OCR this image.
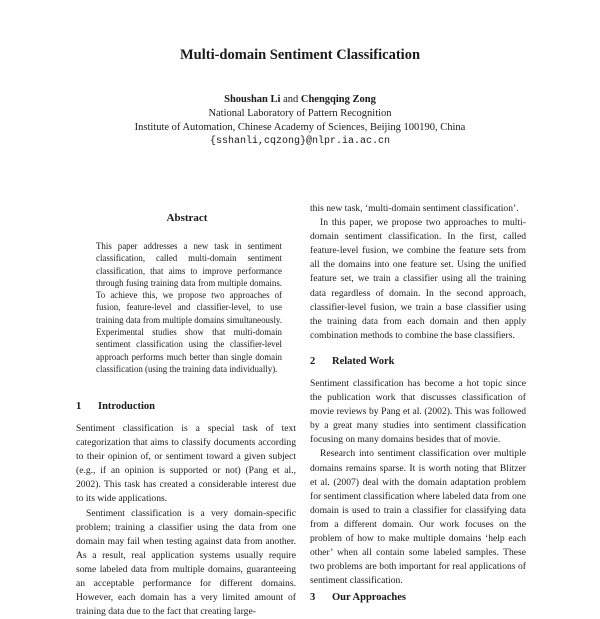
Multi-domain Sentiment Classification
Shoushan Li and Chengqing Zong
National Laboratory of Pattern Recognition
Institute of Automation, Chinese Academy of Sciences, Beijing 100190, China
{sshanli,cqzong}@nlpr.ia.ac.cn
Abstract
This paper addresses a new task in sentiment classification, called multi-domain sentiment classification, that aims to improve performance through fusing training data from multiple domains. To achieve this, we propose two approaches of fusion, feature-level and classifier-level, to use training data from multiple domains simultaneously. Experimental studies show that multi-domain sentiment classification using the classifier-level approach performs much better than single domain classification (using the training data individually).
1 Introduction

Sentiment classification is a special task of text categorization that aims to classify documents according to their opinion of, or sentiment toward a given subject (e.g., if an opinion is supported or not) (Pang et al., 2002). This task has created a considerable interest due to its wide applications.

Sentiment classification is a very domain-specific problem; training a classifier using the data from one domain may fail when testing against data from another. As a result, real application systems usually require some labeled data from multiple domains, guaranteeing an acceptable performance for different domains. However, each domain has a very limited amount of training data due to the fact that creating large-

this new task, ‘multi-domain sentiment classification’.

In this paper, we propose two approaches to multi-domain sentiment classification. In the first, called feature-level fusion, we combine the feature sets from all the domains into one feature set. Using the unified feature set, we train a classifier using all the training data regardless of domain. In the second approach, classifier-level fusion, we train a base classifier using the training data from each domain and then apply combination methods to combine the base classifiers.

2 Related Work

Sentiment classification has become a hot topic since the publication work that discusses classification of movie reviews by Pang et al. (2002). This was followed by a great many studies into sentiment classification focusing on many domains besides that of movie.

Research into sentiment classification over multiple domains remains sparse. It is worth noting that Blitzer et al. (2007) deal with the domain adaptation problem for sentiment classification where labeled data from one domain is used to train a classifier for classifying data from a different domain. Our work focuses on the problem of how to make multiple domains ‘help each other’ when all contain some labeled samples. These two problems are both important for real applications of sentiment classification.

3 Our Approaches
